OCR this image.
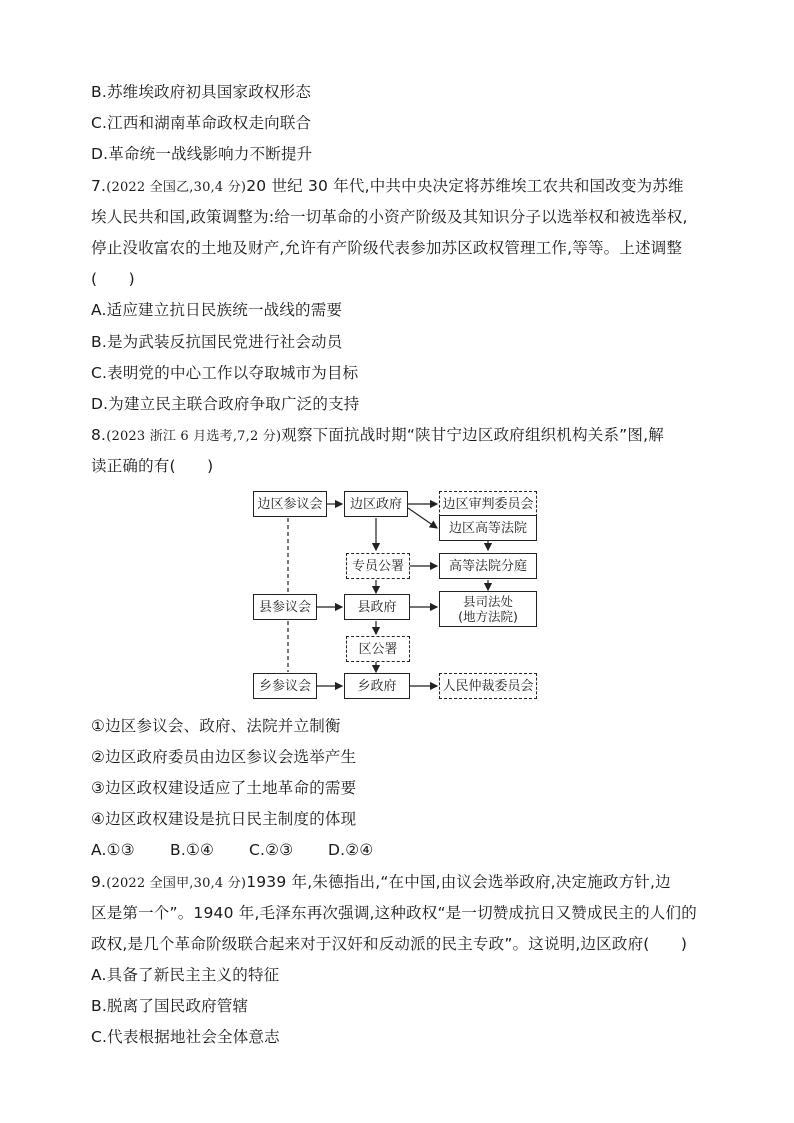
B.苏维埃政府初具国家政权形态
C.江西和湖南革命政权走向联合
D.革命统一战线影响力不断提升
7.(2022 全国乙,30,4 分)20 世纪 30 年代,中共中央决定将苏维埃工农共和国改变为苏维
埃人民共和国,政策调整为:给一切革命的小资产阶级及其知识分子以选举权和被选举权,
停止没收富农的土地及财产,允许有产阶级代表参加苏区政权管理工作,等等。上述调整
(　　)
A.适应建立抗日民族统一战线的需要
B.是为武装反抗国民党进行社会动员
C.表明党的中心工作以夺取城市为目标
D.为建立民主联合政府争取广泛的支持
8.(2023 浙江 6 月选考,7,2 分)观察下面抗战时期“陕甘宁边区政府组织机构关系”图,解
读正确的有(　　)
边区参议会	边区政府	边区审判委员会
边区高等法院
专员公署	高等法院分庭
县参议会	县政府	县司法处
(地方法院)
区公署
乡参议会	乡政府	人民仲裁委员会
①边区参议会、政府、法院并立制衡
②边区政府委员由边区参议会选举产生
③边区政权建设适应了土地革命的需要
④边区政权建设是抗日民主制度的体现
A.①③ B.①④ C.②③ D.②④
9.(2022 全国甲,30,4 分)1939 年,朱德指出,“在中国,由议会选举政府,决定施政方针,边
区是第一个”。1940 年,毛泽东再次强调,这种政权“是一切赞成抗日又赞成民主的人们的
政权,是几个革命阶级联合起来对于汉奸和反动派的民主专政”。这说明,边区政府(　　)
A.具备了新民主主义的特征
B.脱离了国民政府管辖
C.代表根据地社会全体意志
